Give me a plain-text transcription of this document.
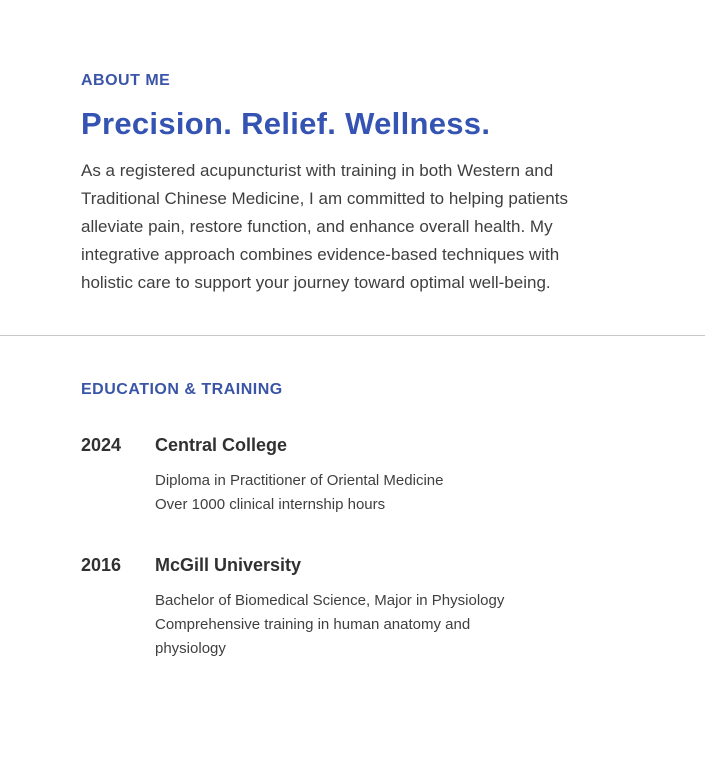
ABOUT ME
Precision. Relief. Wellness.

As a registered acupuncturist with training in both Western and Traditional Chinese Medicine, I am committed to helping patients alleviate pain, restore function, and enhance overall health. My integrative approach combines evidence-based techniques with holistic care to support your journey toward optimal well-being.

EDUCATION & TRAINING
2024	Central College
Diploma in Practitioner of Oriental Medicine
Over 1000 clinical internship hours
2016	McGill University
Bachelor of Biomedical Science, Major in Physiology
Comprehensive training in human anatomy and physiology
